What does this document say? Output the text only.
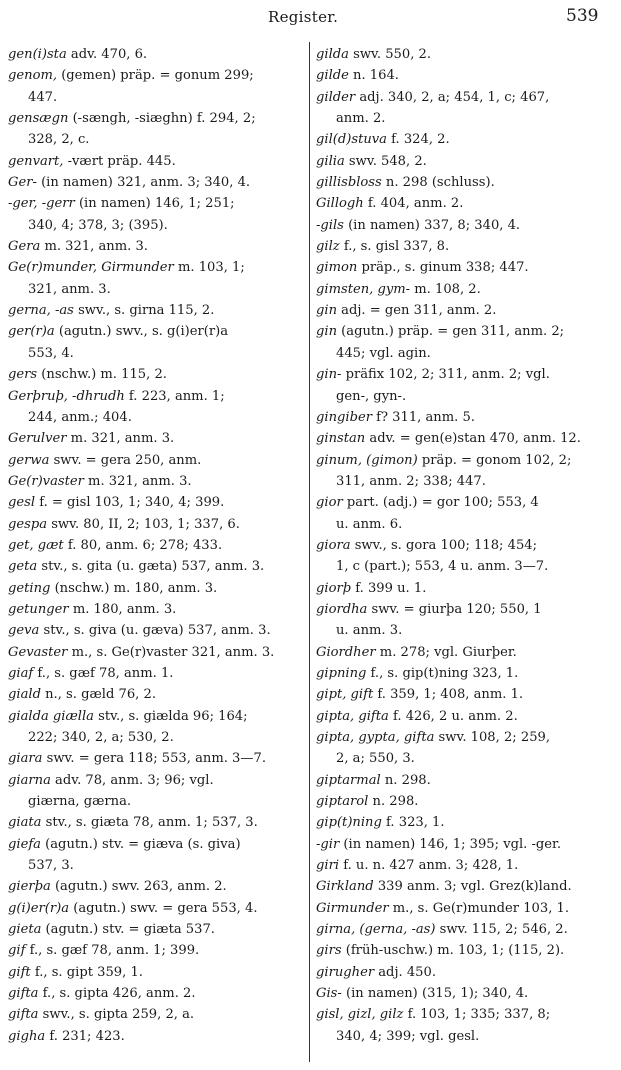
Register.	539
gen(i)sta adv. 470, 6.
genom, (gemen) präp. = gonum 299;
447.
gensægn (-sængh, -siæghn) f. 294, 2;
328, 2, c.
genvart, -vært präp. 445.
Ger- (in namen) 321, anm. 3; 340, 4.
-ger, -gerr (in namen) 146, 1; 251;
340, 4; 378, 3; (395).
Gera m. 321, anm. 3.
Ge(r)munder, Girmunder m. 103, 1;
321, anm. 3.
gerna, -as swv., s. girna 115, 2.
ger(r)a (agutn.) swv., s. g(i)er(r)a
553, 4.
gers (nschw.) m. 115, 2.
Gerþruþ, -dhrudh f. 223, anm. 1;
244, anm.; 404.
Gerulver m. 321, anm. 3.
gerwa swv. = gera 250, anm.
Ge(r)vaster m. 321, anm. 3.
gesl f. = gisl 103, 1; 340, 4; 399.
gespa swv. 80, II, 2; 103, 1; 337, 6.
get, gæt f. 80, anm. 6; 278; 433.
geta stv., s. gita (u. gæta) 537, anm. 3.
geting (nschw.) m. 180, anm. 3.
getunger m. 180, anm. 3.
geva stv., s. giva (u. gæva) 537, anm. 3.
Gevaster m., s. Ge(r)vaster 321, anm. 3.
giaf f., s. gæf 78, anm. 1.
giald n., s. gæld 76, 2.
gialda giælla stv., s. giælda 96; 164;
222; 340, 2, a; 530, 2.
giara swv. = gera 118; 553, anm. 3—7.
giarna adv. 78, anm. 3; 96; vgl.
giærna, gærna.
giata stv., s. giæta 78, anm. 1; 537, 3.
giefa (agutn.) stv. = giæva (s. giva)
537, 3.
gierþa (agutn.) swv. 263, anm. 2.
g(i)er(r)a (agutn.) swv. = gera 553, 4.
gieta (agutn.) stv. = giæta 537.
gif f., s. gæf 78, anm. 1; 399.
gift f., s. gipt 359, 1.
gifta f., s. gipta 426, anm. 2.
gifta swv., s. gipta 259, 2, a.
gigha f. 231; 423.
gilda swv. 550, 2.
gilde n. 164.
gilder adj. 340, 2, a; 454, 1, c; 467,
anm. 2.
gil(d)stuva f. 324, 2.
gilia swv. 548, 2.
gillisbloss n. 298 (schluss).
Gillogh f. 404, anm. 2.
-gils (in namen) 337, 8; 340, 4.
gilz f., s. gisl 337, 8.
gimon präp., s. ginum 338; 447.
gimsten, gym- m. 108, 2.
gin adj. = gen 311, anm. 2.
gin (agutn.) präp. = gen 311, anm. 2;
445; vgl. agin.
gin- präfix 102, 2; 311, anm. 2; vgl.
gen-, gyn-.
gingiber f? 311, anm. 5.
ginstan adv. = gen(e)stan 470, anm. 12.
ginum, (gimon) präp. = gonom 102, 2;
311, anm. 2; 338; 447.
gior part. (adj.) = gor 100; 553, 4
u. anm. 6.
giora swv., s. gora 100; 118; 454;
1, c (part.); 553, 4 u. anm. 3—7.
giorþ f. 399 u. 1.
giordha swv. = giurþa 120; 550, 1
u. anm. 3.
Giordher m. 278; vgl. Giurþer.
gipning f., s. gip(t)ning 323, 1.
gipt, gift f. 359, 1; 408, anm. 1.
gipta, gifta f. 426, 2 u. anm. 2.
gipta, gypta, gifta swv. 108, 2; 259,
2, a; 550, 3.
giptarmal n. 298.
giptarol n. 298.
gip(t)ning f. 323, 1.
-gir (in namen) 146, 1; 395; vgl. -ger.
giri f. u. n. 427 anm. 3; 428, 1.
Girkland 339 anm. 3; vgl. Grez(k)land.
Girmunder m., s. Ge(r)munder 103, 1.
girna, (gerna, -as) swv. 115, 2; 546, 2.
girs (früh-uschw.) m. 103, 1; (115, 2).
girugher adj. 450.
Gis- (in namen) (315, 1); 340, 4.
gisl, gizl, gilz f. 103, 1; 335; 337, 8;
340, 4; 399; vgl. gesl.
